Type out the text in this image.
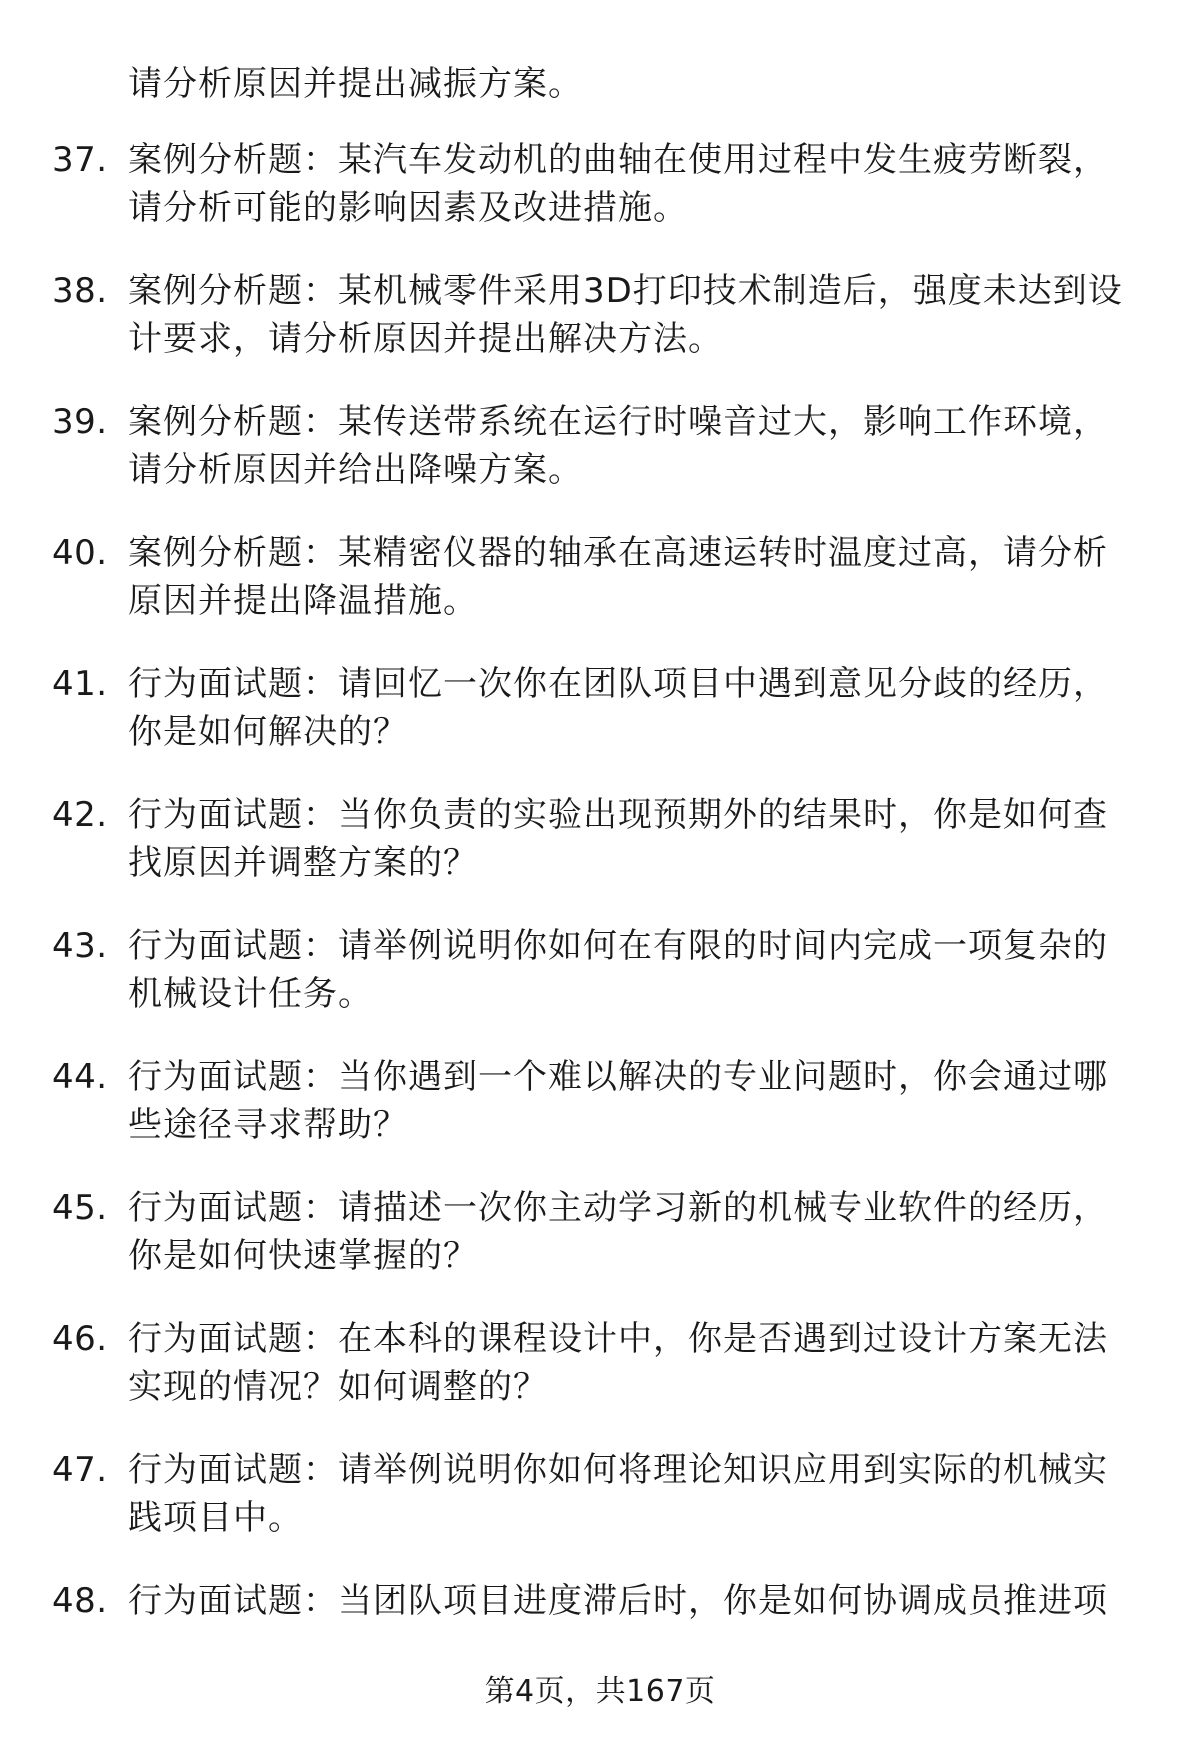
请分析原因并提出减振方案。
37. 案例分析题：某汽车发动机的曲轴在使用过程中发生疲劳断裂，
请分析可能的影响因素及改进措施。
38. 案例分析题：某机械零件采用3D打印技术制造后，强度未达到设
计要求，请分析原因并提出解决方法。
39. 案例分析题：某传送带系统在运行时噪音过大，影响工作环境，
请分析原因并给出降噪方案。
40. 案例分析题：某精密仪器的轴承在高速运转时温度过高，请分析
原因并提出降温措施。
41. 行为面试题：请回忆一次你在团队项目中遇到意见分歧的经历，
你是如何解决的？
42. 行为面试题：当你负责的实验出现预期外的结果时，你是如何查
找原因并调整方案的？
43. 行为面试题：请举例说明你如何在有限的时间内完成一项复杂的
机械设计任务。
44. 行为面试题：当你遇到一个难以解决的专业问题时，你会通过哪
些途径寻求帮助？
45. 行为面试题：请描述一次你主动学习新的机械专业软件的经历，
你是如何快速掌握的？
46. 行为面试题：在本科的课程设计中，你是否遇到过设计方案无法
实现的情况？如何调整的？
47. 行为面试题：请举例说明你如何将理论知识应用到实际的机械实
践项目中。
48. 行为面试题：当团队项目进度滞后时，你是如何协调成员推进项
第4页，共167页
